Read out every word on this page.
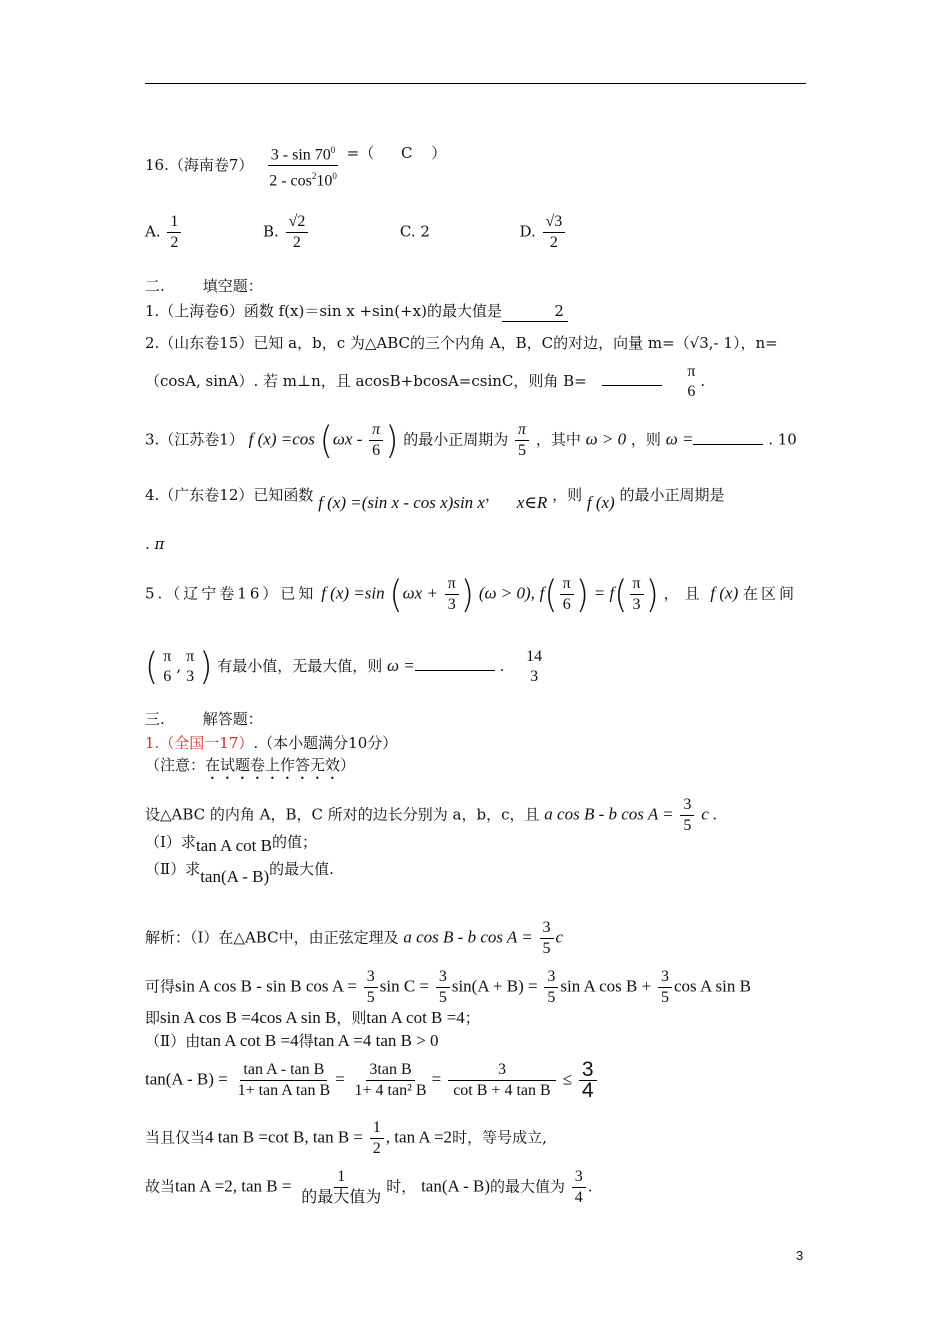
16.（海南卷$7) \frac{3 - \sin 70^0}{2 - \cos^210^0}$ =（ C ）
A. $\frac{1}{2}$	B. $\frac{√2}{2}$	C. 2	D. $\frac{√3}{2}$
二.	填空题：
1.（上海卷6）函数 f(x)＝sin x +sin(+x)的最大值是	2
2.（山东卷15）已知 a，b，c 为△ABC的三个内角 A，B，C的对边，向量 m=（√3,- 1），n=
（cosA, sinA）. 若 m⊥n，且 acosB+bcosA=csinC，则角 B=
π
6
.
3.（江苏卷1） f (x) =cos ($\omega x - \frac{\pi}{6}$ ) 的最小正周期为 $\frac{\pi}{5}$ ，其中 ω > 0 ，则 ω =	. 10
4.（广东卷12）已知函数 f (x) =(sin x - cos x)sin x， x∈R ，则 f (x) 的最小正周期是
. π
5.（辽宁卷16）已知 f (x) =sin ($\omega x + \frac{\pi}{3}$ ) (ω > 0), $f( \frac{\pi}{6}$ ) = $f( \frac{\pi}{3}$ ) ，且 f (x) 在区间
( π
6
,
π
3 ) 有最小值，无最大值，则 ω =	.
14
3
三.	解答题：
1.（全国一17）.（本小题满分10分）
（注意：在试题卷上作答无效）
设△ABC 的内角 A，B，C 所对的边长分别为 a，b，c，且 a cos B - b $\cos A = \frac{3}{5}$ c .
（Ⅰ）求tan A cot B的值；
（Ⅱ）求tan(A - B)的最大值.
解析：（Ⅰ）在△ABC中，由正弦定理及 a cos B - b $\cos A = \frac{3}{5}$ c
可得sin A cos B - sin B $\cos A = \frac{3}{5}$ $\sin C = \frac{3}{5} \sin(A + B) = \frac{3}{5}$ sin A $\cos B + \frac{3}{5}$ cos A sin B
即sin A cos B =4cos A sin B，则tan A cot B =4；
（Ⅱ）由tan A cot B =4得tan A =4 tan B > 0
$\tan(A - B) = \frac{\text{tan A - tan B}}{\text{1+ tan A tan B}} = \frac{\text{3tan B}}{\text{1+ 4 tan² B}} = \frac{3}{\text{cot B + 4 tan B}} \le \frac{3}{4}$
当且仅当4 tan B =cot B, $\tan B = \frac{1}{2}$ , tan A =2时，等号成立,
故当tan A =2, tan B =	1
的最大值为
时， tan(A - B)的最大值为 $\frac{3}{4}$ .
3
